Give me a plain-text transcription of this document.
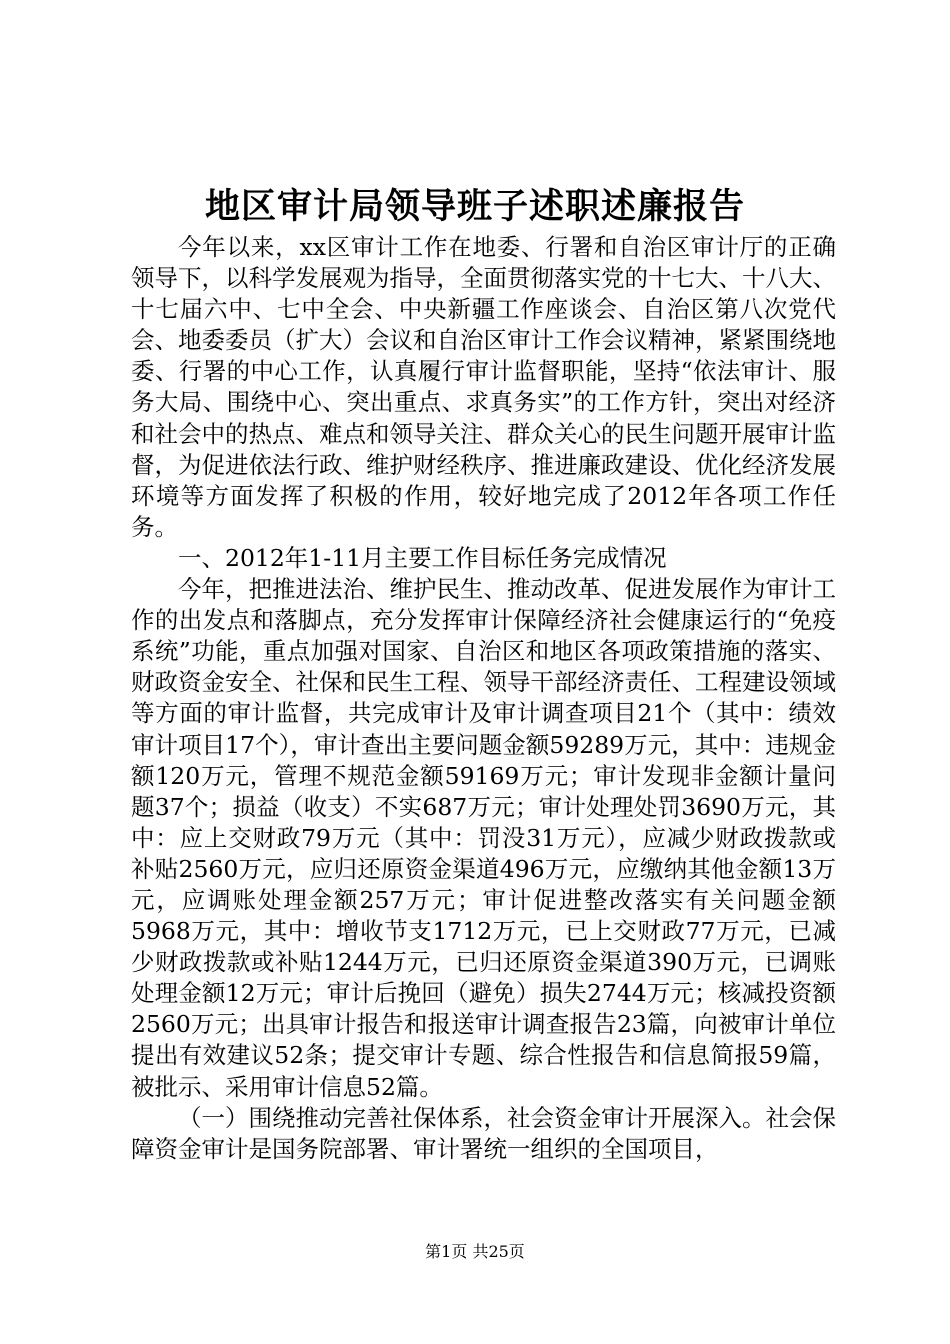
地区审计局领导班子述职述廉报告

今年以来，xx区审计工作在地委、行署和自治区审计厅的正确领导下，以科学发展观为指导，全面贯彻落实党的十七大、十八大、十七届六中、七中全会、中央新疆工作座谈会、自治区第八次党代会、地委委员（扩大）会议和自治区审计工作会议精神，紧紧围绕地委、行署的中心工作，认真履行审计监督职能，坚持“依法审计、服务大局、围绕中心、突出重点、求真务实”的工作方针，突出对经济和社会中的热点、难点和领导关注、群众关心的民生问题开展审计监督，为促进依法行政、维护财经秩序、推进廉政建设、优化经济发展环境等方面发挥了积极的作用，较好地完成了2012年各项工作任务。

一、2012年1-11月主要工作目标任务完成情况

今年，把推进法治、维护民生、推动改革、促进发展作为审计工作的出发点和落脚点，充分发挥审计保障经济社会健康运行的“免疫系统”功能，重点加强对国家、自治区和地区各项政策措施的落实、财政资金安全、社保和民生工程、领导干部经济责任、工程建设领域等方面的审计监督，共完成审计及审计调查项目21个（其中：绩效审计项目17个），审计查出主要问题金额59289万元，其中：违规金额120万元，管理不规范金额59169万元；审计发现非金额计量问题37个；损益（收支）不实687万元；审计处理处罚3690万元，其中：应上交财政79万元（其中：罚没31万元），应减少财政拨款或补贴2560万元，应归还原资金渠道496万元，应缴纳其他金额13万元，应调账处理金额257万元；审计促进整改落实有关问题金额5968万元，其中：增收节支1712万元，已上交财政77万元，已减少财政拨款或补贴1244万元，已归还原资金渠道390万元，已调账处理金额12万元；审计后挽回（避免）损失2744万元；核减投资额2560万元；出具审计报告和报送审计调查报告23篇，向被审计单位提出有效建议52条；提交审计专题、综合性报告和信息简报59篇，被批示、采用审计信息52篇。

（一）围绕推动完善社保体系，社会资金审计开展深入。社会保障资金审计是国务院部署、审计署统一组织的全国项目，

第1页 共25页
